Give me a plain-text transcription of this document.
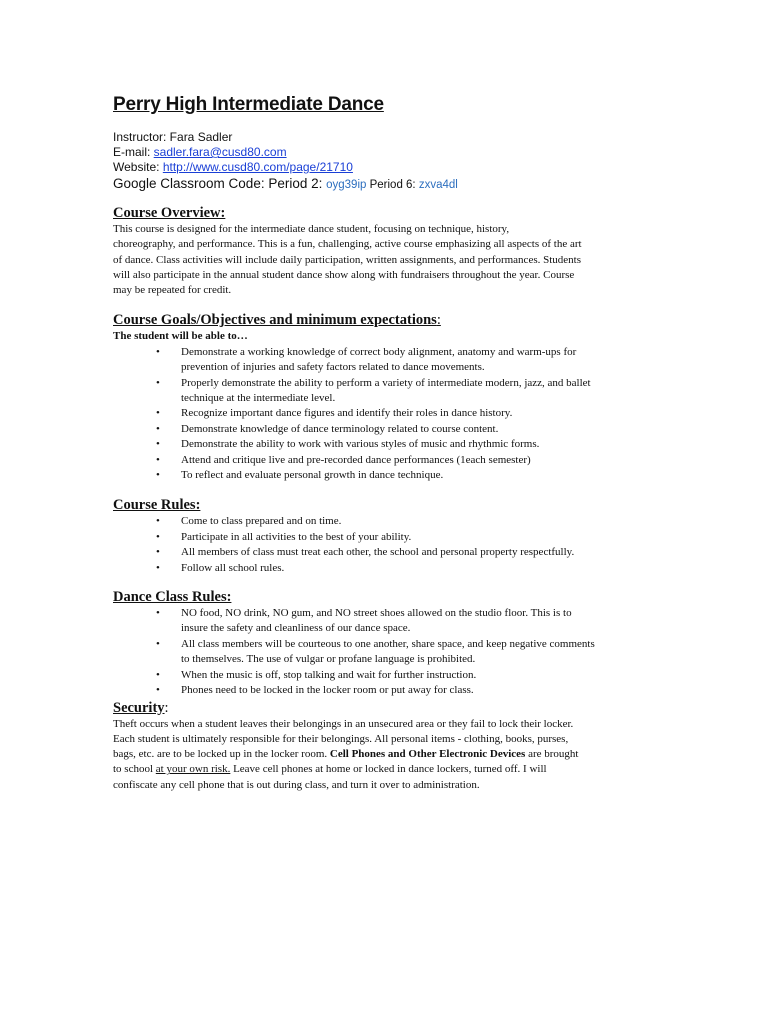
Perry High Intermediate Dance
Instructor: Fara Sadler
E-mail: sadler.fara@cusd80.com
Website: http://www.cusd80.com/page/21710
Google Classroom Code: Period 2: oyg39ip Period 6: zxva4dl
Course Overview:
This course is designed for the intermediate dance student, focusing on technique, history,
choreography, and performance. This is a fun, challenging, active course emphasizing all aspects of the art
of dance. Class activities will include daily participation, written assignments, and performances. Students
will also participate in the annual student dance show along with fundraisers throughout the year. Course
may be repeated for credit.
Course Goals/Objectives and minimum expectations:
The student will be able to…
• Demonstrate a working knowledge of correct body alignment, anatomy and warm-ups for
prevention of injuries and safety factors related to dance movements.
• Properly demonstrate the ability to perform a variety of intermediate modern, jazz, and ballet
technique at the intermediate level.
• Recognize important dance figures and identify their roles in dance history.
• Demonstrate knowledge of dance terminology related to course content.
• Demonstrate the ability to work with various styles of music and rhythmic forms.
• Attend and critique live and pre-recorded dance performances (1each semester)
• To reflect and evaluate personal growth in dance technique.
Course Rules:
• Come to class prepared and on time.
• Participate in all activities to the best of your ability.
• All members of class must treat each other, the school and personal property respectfully.
• Follow all school rules.
Dance Class Rules:
• NO food, NO drink, NO gum, and NO street shoes allowed on the studio floor. This is to
insure the safety and cleanliness of our dance space.
• All class members will be courteous to one another, share space, and keep negative comments
to themselves. The use of vulgar or profane language is prohibited.
• When the music is off, stop talking and wait for further instruction.
• Phones need to be locked in the locker room or put away for class.
Security:
Theft occurs when a student leaves their belongings in an unsecured area or they fail to lock their locker.
Each student is ultimately responsible for their belongings. All personal items - clothing, books, purses,
bags, etc. are to be locked up in the locker room. Cell Phones and Other Electronic Devices are brought
to school at your own risk. Leave cell phones at home or locked in dance lockers, turned off. I will
confiscate any cell phone that is out during class, and turn it over to administration.
